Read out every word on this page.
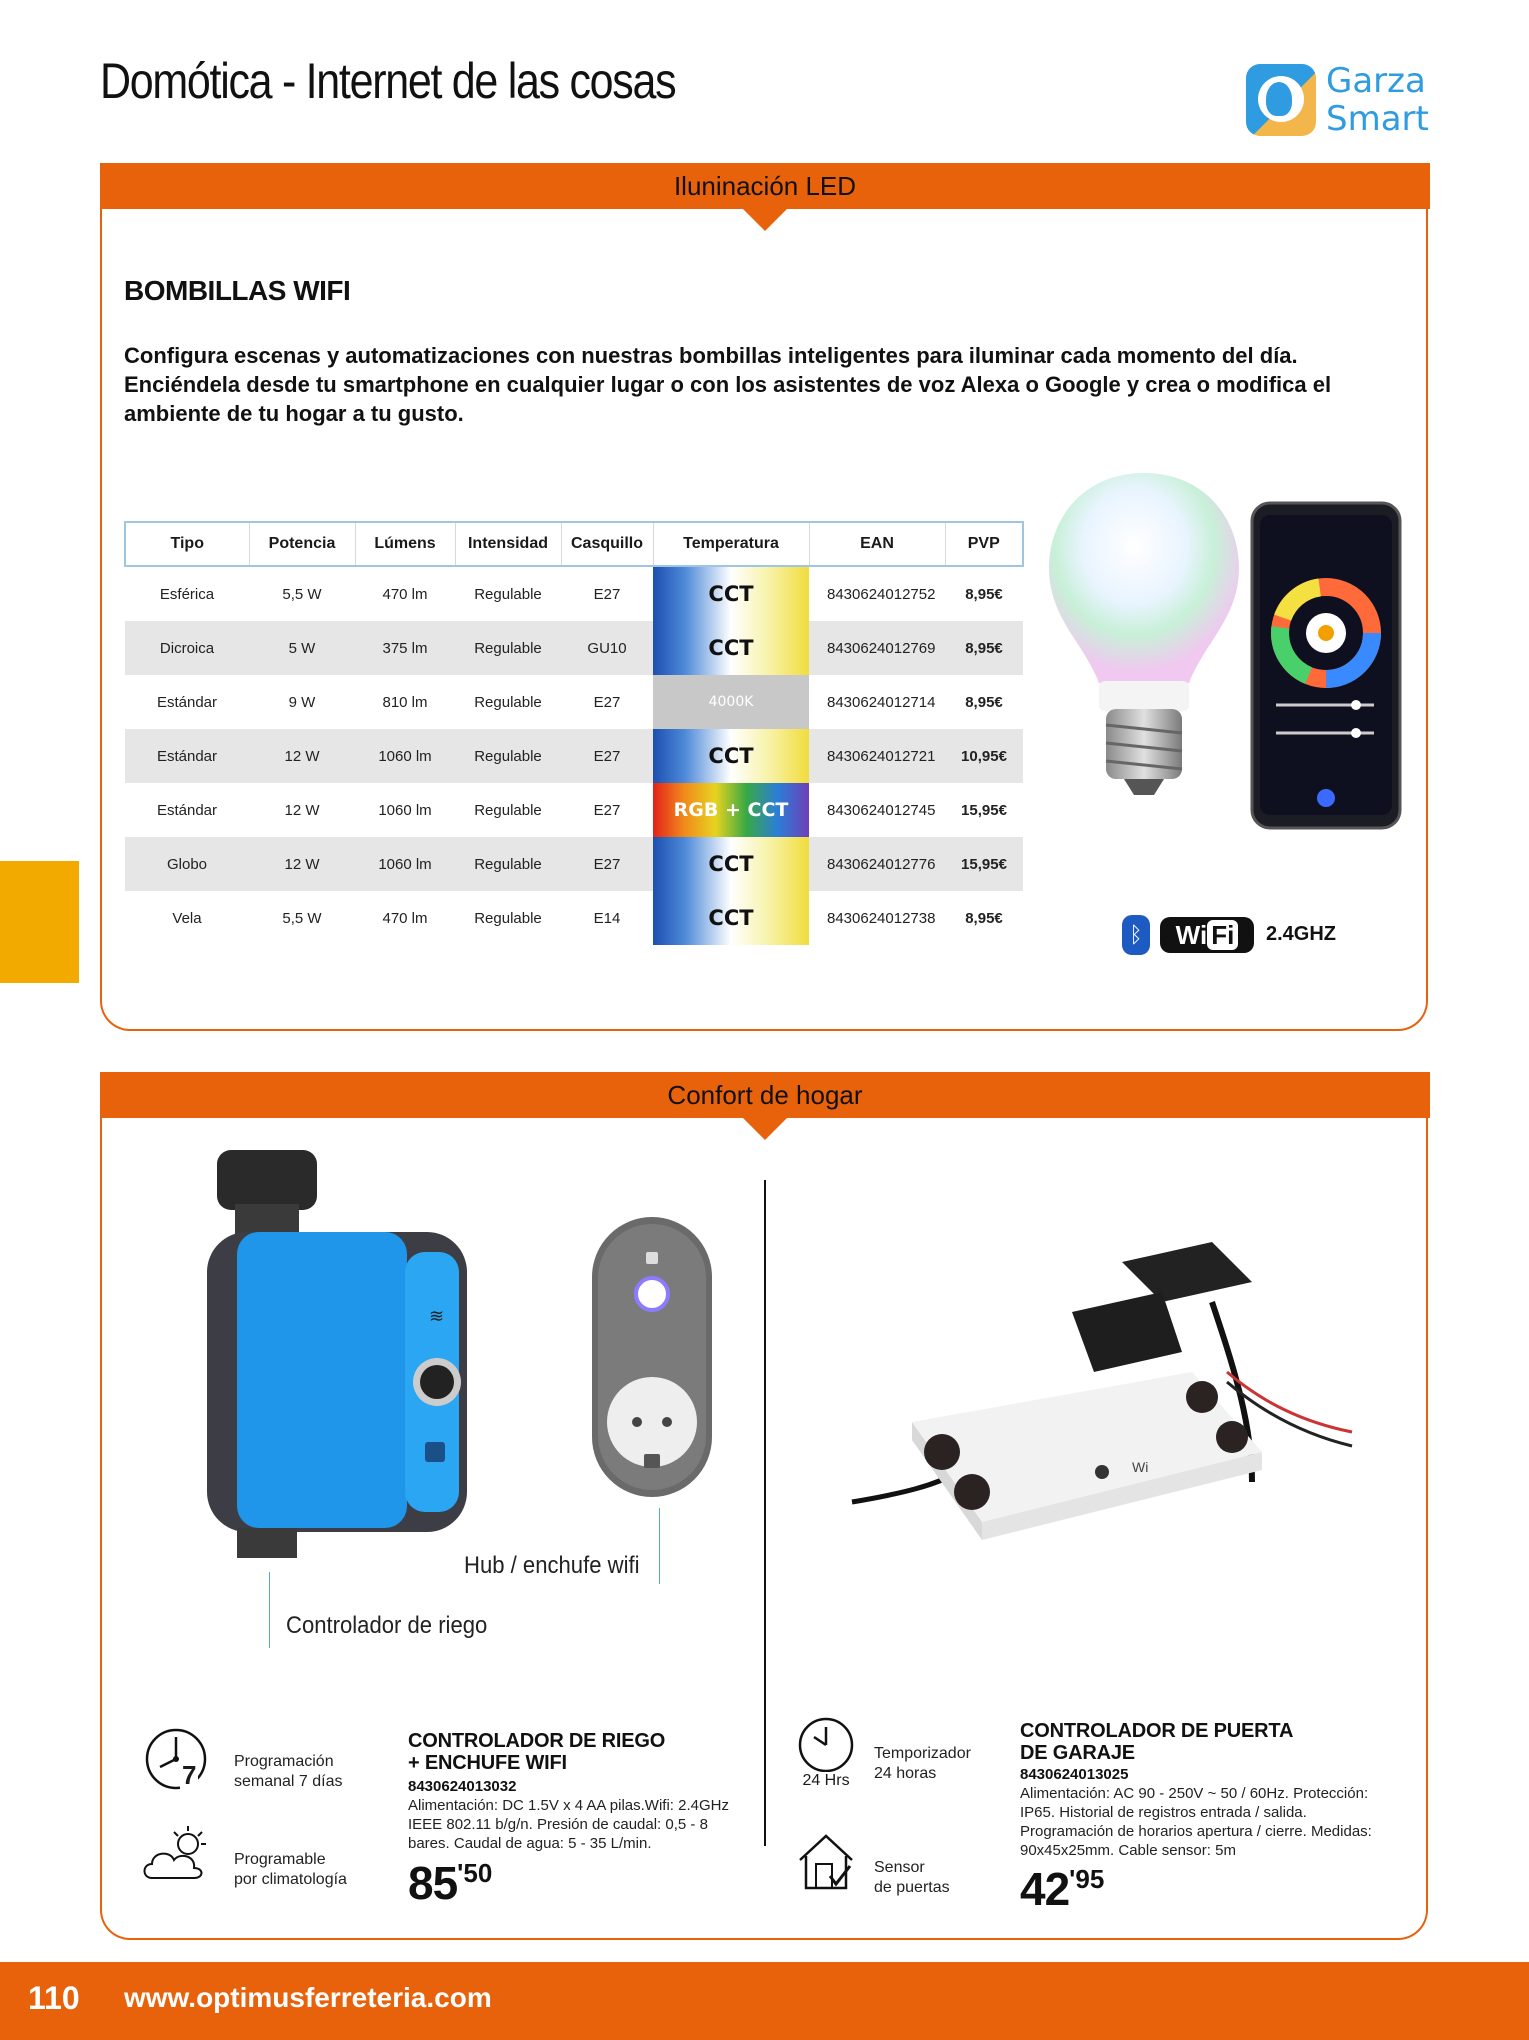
Domótica - Internet de las cosas	Garza
Smart
Iluninación LED
BOMBILLAS WIFI
Configura escenas y automatizaciones con nuestras bombillas inteligentes para iluminar cada momento del día. Enciéndela desde tu smartphone en cualquier lugar o con los asistentes de voz Alexa o Google y crea o modifica el ambiente de tu hogar a tu gusto.
Tipo	Potencia	Lúmens	Intensidad	Casquillo	Temperatura	EAN	PVP
Esférica	5,5 W	470 lm	Regulable	E27	CCT	8430624012752	8,95€
Dicroica	5 W	375 lm	Regulable	GU10	CCT	8430624012769	8,95€
Estándar	9 W	810 lm	Regulable	E27	4000K	8430624012714	8,95€
Estándar	12 W	1060 lm	Regulable	E27	CCT	8430624012721	10,95€
Estándar	12 W	1060 lm	Regulable	E27	RGB + CCT	8430624012745	15,95€
Globo	12 W	1060 lm	Regulable	E27	CCT	8430624012776	15,95€
Vela	5,5 W	470 lm	Regulable	E14	CCT	8430624012738	8,95€
ᛒ	Wi Fi	2.4GHZ
Confort de hogar
≋
Hub / enchufe wifi
Controlador de riego
Wi
7 Programación
semanal 7 días
Programable
por climatología
CONTROLADOR DE RIEGO
+ ENCHUFE WIFI
8430624013032
Alimentación: DC 1.5V x 4 AA pilas.Wifi: 2.4GHz IEEE 802.11 b/g/n. Presión de caudal: 0,5 - 8 bares. Caudal de agua: 5 - 35 L/min.
85'50
24 Hrs
Temporizador
24 horas
Sensor
de puertas
CONTROLADOR DE PUERTA
DE GARAJE
8430624013025
Alimentación: AC 90 - 250V ~ 50 / 60Hz. Protección: IP65. Historial de registros entrada / salida. Programación de horarios apertura / cierre. Medidas: 90x45x25mm. Cable sensor: 5m
42'95
110 www.optimusferreteria.com
